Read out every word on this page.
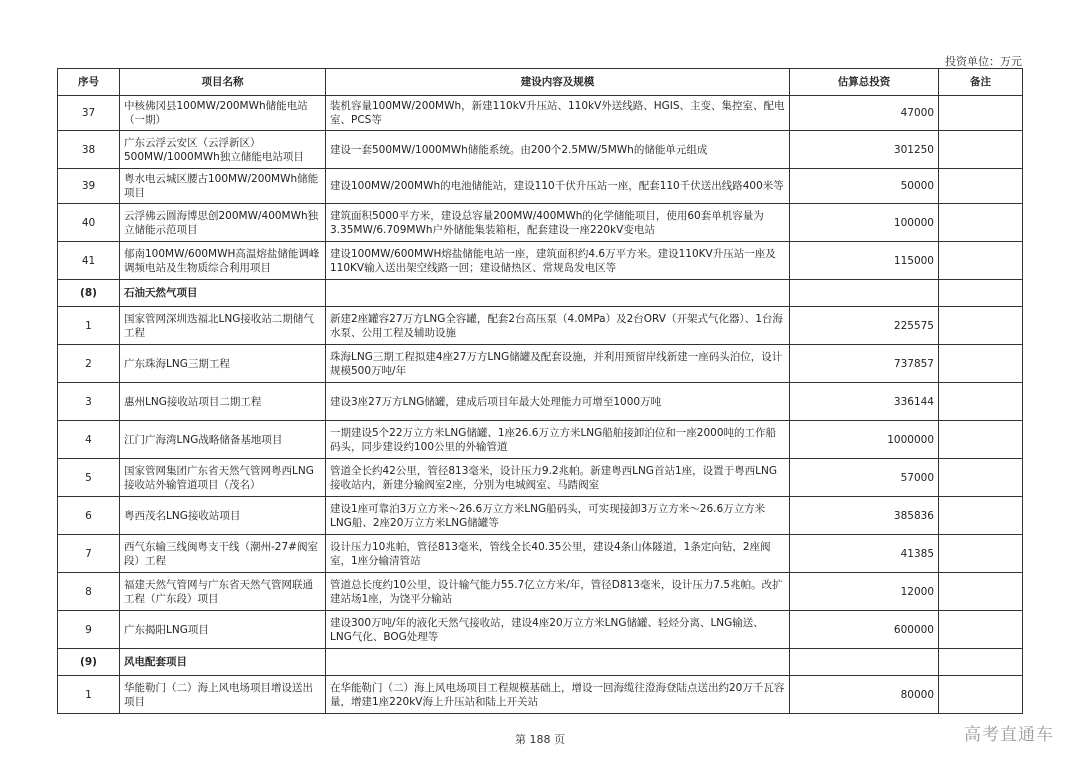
投资单位：万元
序号	项目名称	建设内容及规模	估算总投资	备注
37	中核佛冈县100MW/200MWh储能电站（一期）	装机容量100MW/200MWh，新建110kV升压站、110kV外送线路、HGIS、主变、集控室、配电室、PCS等	47000	
38	广东云浮云安区（云浮新区）500MW/1000MWh独立储能电站项目	建设一套500MW/1000MWh储能系统。由200个2.5MW/5MWh的储能单元组成	301250	
39	粤水电云城区腰古100MW/200MWh储能项目	建设100MW/200MWh的电池储能站，建设110千伏升压站一座，配套110千伏送出线路400米等	50000	
40	云浮佛云圆海博思创200MW/400MWh独立储能示范项目	建筑面积5000平方米，建设总容量200MW/400MWh的化学储能项目，使用60套单机容量为3.35MW/6.709MWh户外储能集装箱柜，配套建设一座220kV变电站	100000	
41	郁南100MW/600MWH高温熔盐储能调峰调频电站及生物质综合利用项目	建设100MW/600MWH熔盐储能电站一座，建筑面积约4.6万平方米。建设110KV升压站一座及110KV输入送出架空线路一回；建设储热区、常规岛发电区等	115000	
(8)	石油天然气项目			
1	国家管网深圳迭福北LNG接收站二期储气工程	新建2座罐容27万方LNG全容罐，配套2台高压泵（4.0MPa）及2台ORV（开架式气化器）、1台海水泵、公用工程及辅助设施	225575	
2	广东珠海LNG三期工程	珠海LNG三期工程拟建4座27万方LNG储罐及配套设施，并利用预留岸线新建一座码头泊位，设计规模500万吨/年	737857	
3	惠州LNG接收站项目二期工程	建设3座27万方LNG储罐，建成后项目年最大处理能力可增至1000万吨	336144	
4	江门广海湾LNG战略储备基地项目	一期建设5个22万立方米LNG储罐、1座26.6万立方米LNG船舶接卸泊位和一座2000吨的工作船码头，同步建设约100公里的外输管道	1000000	
5	国家管网集团广东省天然气管网粤西LNG接收站外输管道项目（茂名）	管道全长约42公里，管径813毫米，设计压力9.2兆帕。新建粤西LNG首站1座，设置于粤西LNG接收站内，新建分输阀室2座，分别为电城阀室、马踏阀室	57000	
6	粤西茂名LNG接收站项目	建设1座可靠泊3万立方米～26.6万立方米LNG船码头，可实现接卸3万立方米～26.6万立方米LNG船、2座20万立方米LNG储罐等	385836	
7	西气东输三线闽粤支干线（潮州-27#阀室段）工程	设计压力10兆帕，管径813毫米，管线全长40.35公里，建设4条山体隧道，1条定向钻，2座阀室，1座分输清管站	41385	
8	福建天然气管网与广东省天然气管网联通工程（广东段）项目	管道总长度约10公里，设计输气能力55.7亿立方米/年，管径D813毫米，设计压力7.5兆帕。改扩建站场1座，为饶平分输站	12000	
9	广东揭阳LNG项目	建设300万吨/年的液化天然气接收站，建设4座20万立方米LNG储罐、轻烃分离、LNG输送、LNG气化、BOG处理等	600000	
(9)	风电配套项目			
1	华能勒门（二）海上风电场项目增设送出项目	在华能勒门（二）海上风电场项目工程规模基础上，增设一回海缆往澄海登陆点送出约20万千瓦容量，增建1座220kV海上升压站和陆上开关站	80000	
第 188 页	高考直通车
